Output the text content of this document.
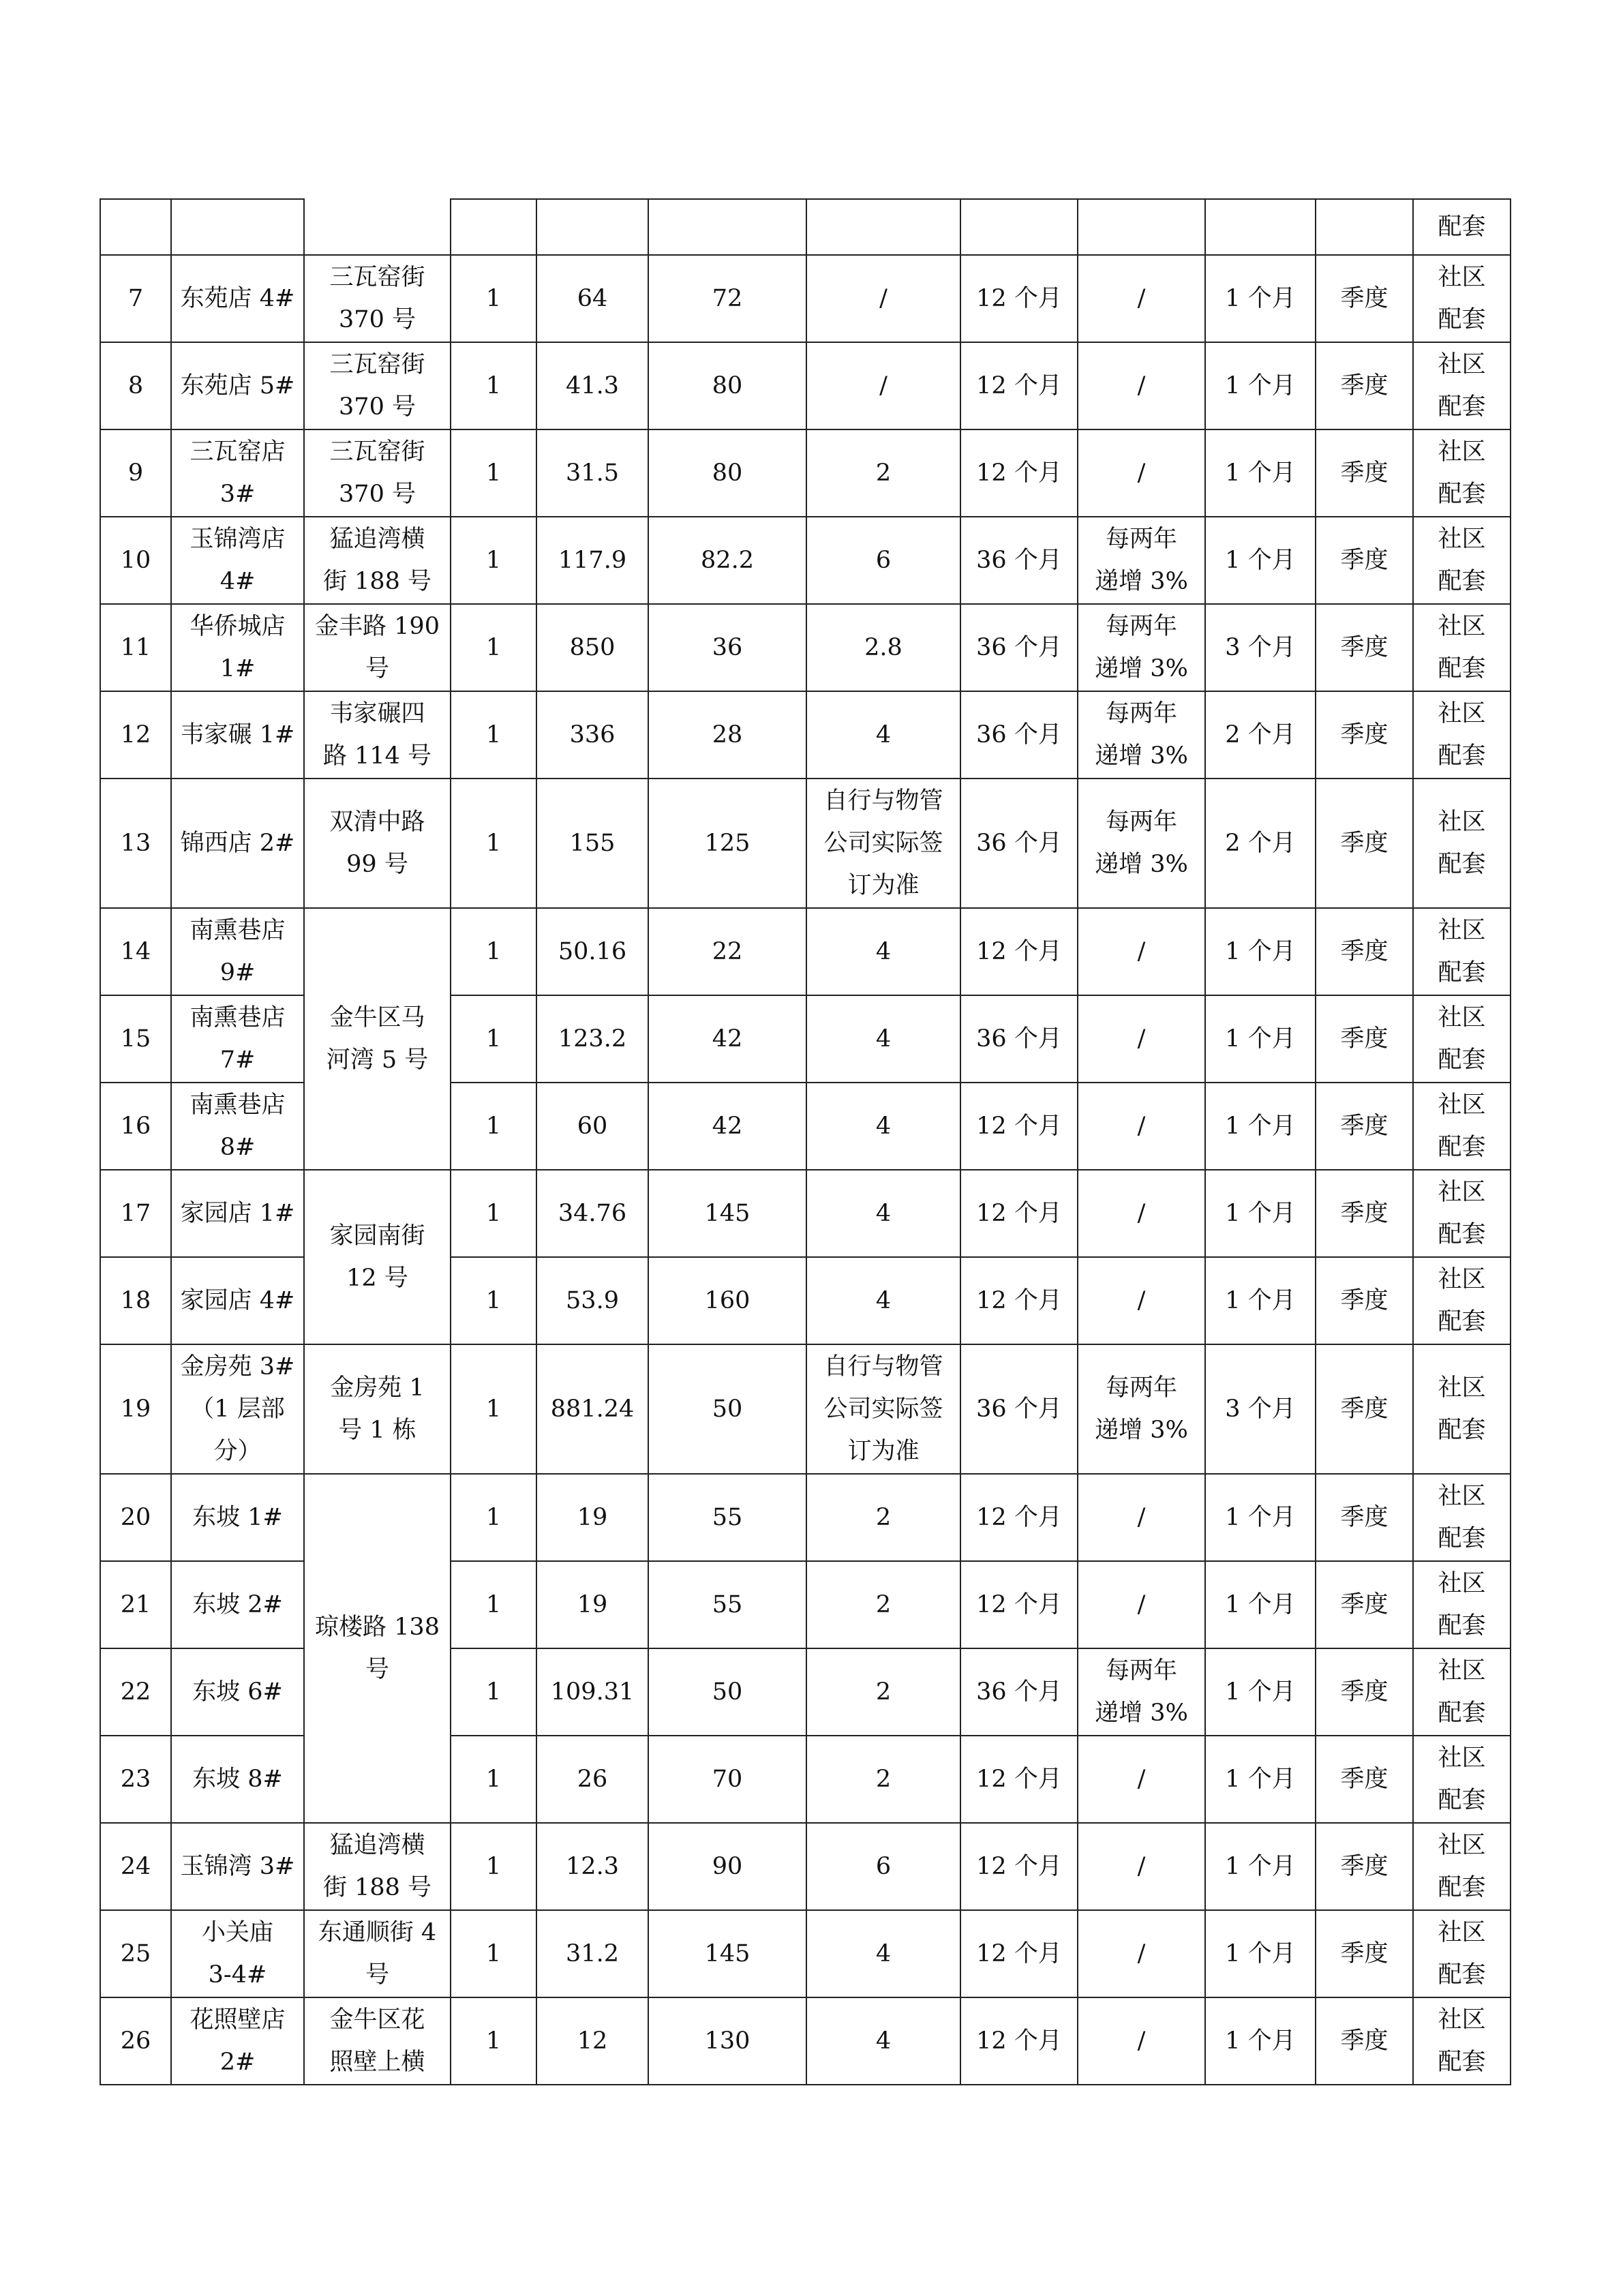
											配套
7	东苑店 4#	三瓦窑街
370 号	1	64	72	/	12 个月	/	1 个月	季度	社区
配套
8	东苑店 5#	三瓦窑街
370 号	1	41.3	80	/	12 个月	/	1 个月	季度	社区
配套
9	三瓦窑店
3#	三瓦窑街
370 号	1	31.5	80	2	12 个月	/	1 个月	季度	社区
配套
10	玉锦湾店
4#	猛追湾横
街 188 号	1	117.9	82.2	6	36 个月	每两年
递增 3%	1 个月	季度	社区
配套
11	华侨城店
1#	金丰路 190
号	1	850	36	2.8	36 个月	每两年
递增 3%	3 个月	季度	社区
配套
12	韦家碾 1#	韦家碾四
路 114 号	1	336	28	4	36 个月	每两年
递增 3%	2 个月	季度	社区
配套
13	锦西店 2#	双清中路
99 号	1	155	125	自行与物管
公司实际签
订为准	36 个月	每两年
递增 3%	2 个月	季度	社区
配套
14	南熏巷店
9#	金牛区马
河湾 5 号	1	50.16	22	4	12 个月	/	1 个月	季度	社区
配套
15	南熏巷店
7#		1	123.2	42	4	36 个月	/	1 个月	季度	社区
配套
16	南熏巷店
8#		1	60	42	4	12 个月	/	1 个月	季度	社区
配套
17	家园店 1#	家园南街
12 号	1	34.76	145	4	12 个月	/	1 个月	季度	社区
配套
18	家园店 4#		1	53.9	160	4	12 个月	/	1 个月	季度	社区
配套
19	金房苑 3#
（1 层部
分）	金房苑 1
号 1 栋	1	881.24	50	自行与物管
公司实际签
订为准	36 个月	每两年
递增 3%	3 个月	季度	社区
配套
20	东坡 1#	琼楼路 138
号	1	19	55	2	12 个月	/	1 个月	季度	社区
配套
21	东坡 2#		1	19	55	2	12 个月	/	1 个月	季度	社区
配套
22	东坡 6#		1	109.31	50	2	36 个月	每两年
递增 3%	1 个月	季度	社区
配套
23	东坡 8#		1	26	70	2	12 个月	/	1 个月	季度	社区
配套
24	玉锦湾 3#	猛追湾横
街 188 号	1	12.3	90	6	12 个月	/	1 个月	季度	社区
配套
25	小关庙
3-4#	东通顺街 4
号	1	31.2	145	4	12 个月	/	1 个月	季度	社区
配套
26	花照壁店
2#	金牛区花
照壁上横	1	12	130	4	12 个月	/	1 个月	季度	社区
配套
